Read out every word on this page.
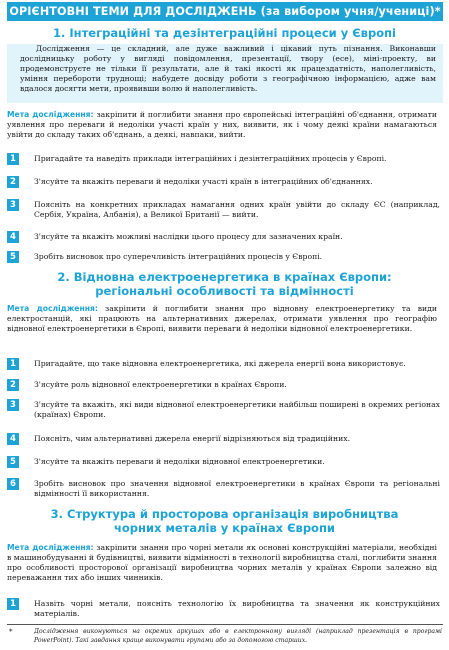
ОРІЄНТОВНІ ТЕМИ ДЛЯ ДОСЛІДЖЕНЬ (за вибором учня/учениці)*
1. Інтеграційні та дезінтеграційні процеси у Європі

Дослідження — це складний, але дуже важливий і цікавий путь пізнання. Виконавши дослідницьку роботу у вигляді повідомлення, презентації, твору (есе), міні-проекту, ви продемонструєте не тільки її результати, але й такі якості як працездатність, наполегливість, уміння перебороти труднощі; набудете досвіду роботи з географічною інформацією, адже вам вдалося досягти мети, проявивши волю й наполегливість.

Мета дослідження: закріпити й поглибити знання про європейські інтеграційні об'єднання, отримати уявлення про переваги й недоліки участі країн у них, виявити, як і чому деякі країни намагаються увійти до складу таких об'єднань, а деякі, навпаки, вийти.

1	Пригадайте та наведіть приклади інтеграційних і дезінтеграційних процесів у Європі.

2	З'ясуйте та вкажіть переваги й недоліки участі країн в інтеграційних об'єднаннях.

3	Поясніть на конкретних прикладах намагання одних країн увійти до складу ЄС (наприклад, Сербія, Україна, Албанія), а Великої Британії — вийти.

4	З'ясуйте та вкажіть можливі наслідки цього процесу для зазначених країн.

5	Зробіть висновок про суперечливість інтеграційних процесів у Європі.

2. Відновна електроенергетика в країнах Європи:
регіональні особливості та відмінності

Мета дослідження: закріпити й поглибити знання про відновну електроенергетику та види електростанцій, які працюють на альтернативних джерелах, отримати уявлення про географію відновної електроенергетики в Європі, виявити переваги й недоліки відновної електроенергетики.

1	Пригадайте, що таке відновна електроенергетика, які джерела енергії вона використовує.

2	З'ясуйте роль відновної електроенергетики в країнах Європи.

3	З'ясуйте та вкажіть, які види відновної електроенергетики найбільш поширені в окремих регіонах (країнах) Європи.

4	Поясніть, чим альтернативні джерела енергії відрізняються від традиційних.

5	З'ясуйте та вкажіть переваги й недоліки відновної електроенергетики.

6	Зробіть висновок про значення відновної електроенергетики в країнах Європи та регіональні відмінності її використання.

3. Структура й просторова організація виробництва
чорних металів у країнах Європи

Мета дослідження: закріпити знання про чорні метали як основні конструкційні матеріали, необхідні в машинобудуванні й будівництві, виявити відмінності в технології виробництва сталі, поглибити знання про особливості просторової організації виробництва чорних металів у країнах Європи залежно від переважання тих або інших чинників.

1	Назвіть чорні метали, поясніть технологію їх виробництва та значення як конструкційних матеріалів.

*	Дослідження виконуються на окремих аркушах або в електронному вигляді (наприклад презентація в програмі PowerPoint). Такі завдання краще виконувати групами або за допомогою старших.
